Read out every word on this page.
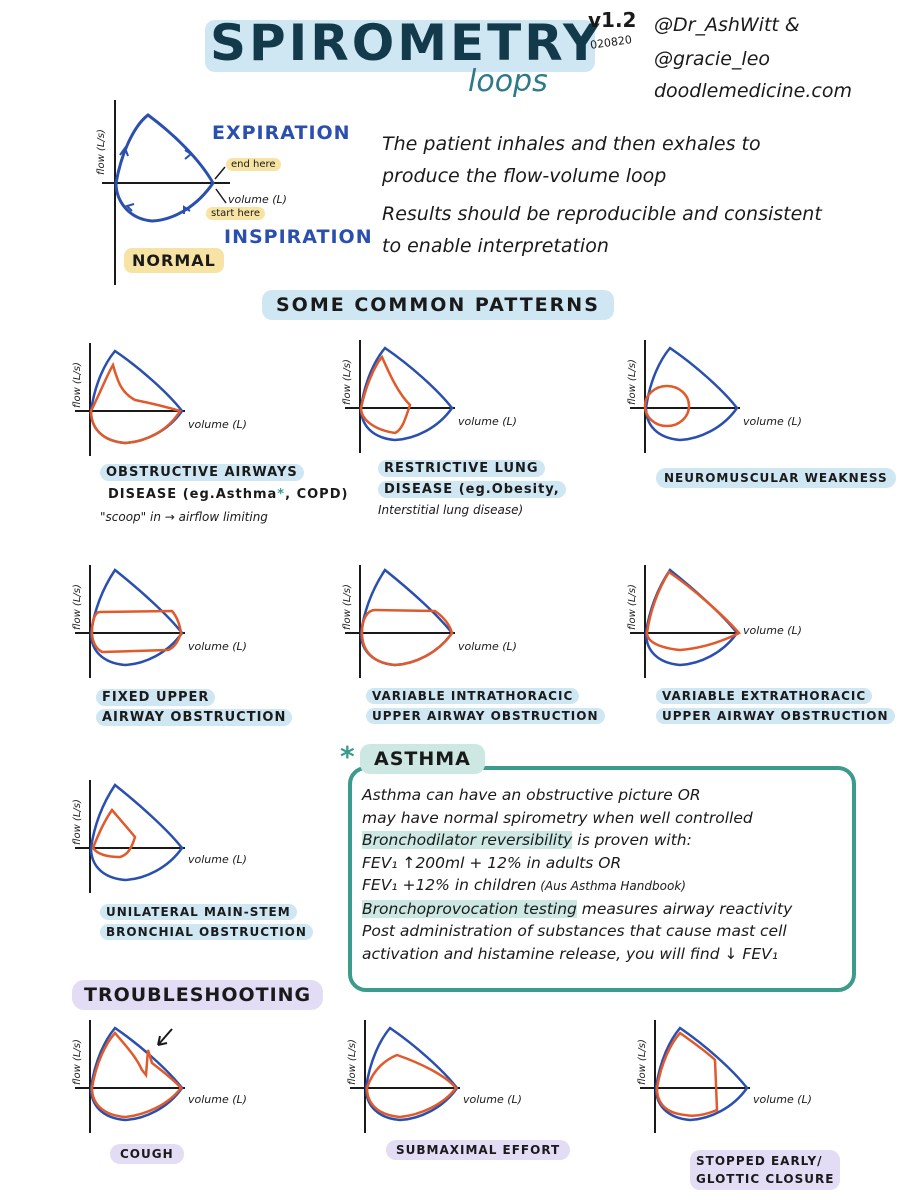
SPIROMETRY
loops
v1.2
020820
@Dr_AshWitt &
@gracie_leo
doodlemedicine.com
flow (L/s)
volume (L)
EXPIRATION
end here
start here
INSPIRATION
NORMAL
The patient inhales and then exhales to
produce the flow-volume loop
Results should be reproducible and consistent
to enable interpretation
SOME COMMON PATTERNS
flow (L/s)
volume (L)
OBSTRUCTIVE AIRWAYS
DISEASE (eg.Asthma*, COPD)
"scoop" in → airflow limiting
flow (L/s)
volume (L)
RESTRICTIVE LUNG
DISEASE (eg.Obesity,
Interstitial lung disease)
flow (L/s)
volume (L)
NEUROMUSCULAR WEAKNESS
flow (L/s)
volume (L)
FIXED UPPER
AIRWAY OBSTRUCTION
flow (L/s)
volume (L)
VARIABLE INTRATHORACIC
UPPER AIRWAY OBSTRUCTION
flow (L/s)
volume (L)
VARIABLE EXTRATHORACIC
UPPER AIRWAY OBSTRUCTION
flow (L/s)
volume (L)
UNILATERAL MAIN-STEM
BRONCHIAL OBSTRUCTION
*	ASTHMA
Asthma can have an obstructive picture OR
may have normal spirometry when well controlled
Bronchodilator reversibility is proven with:
FEV₁ ↑200ml + 12% in adults OR
FEV₁ +12% in children (Aus Asthma Handbook)
Bronchoprovocation testing measures airway reactivity
Post administration of substances that cause mast cell
activation and histamine release, you will find ↓ FEV₁
TROUBLESHOOTING
flow (L/s)
volume (L)
COUGH
flow (L/s)
volume (L)
SUBMAXIMAL EFFORT
flow (L/s)
volume (L)
STOPPED EARLY/
GLOTTIC CLOSURE
